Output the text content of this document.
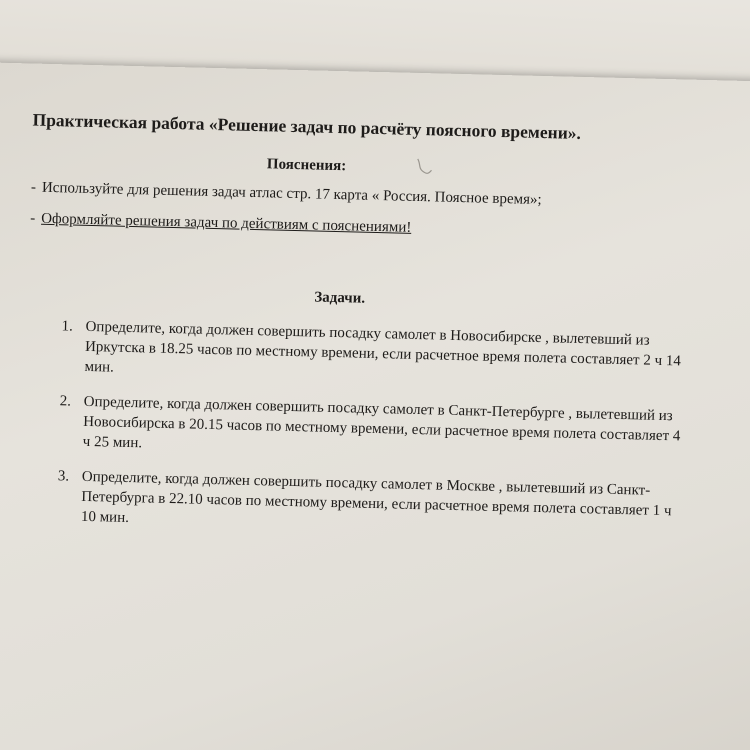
Практическая работа «Решение задач по расчёту поясного времени».
Пояснения:
- Используйте для решения задач атлас стр. 17 карта « Россия. Поясное время»;
- Оформляйте решения задач по действиям с пояснениями!
Задачи.
1. Определите, когда должен совершить посадку самолет в Новосибирске , вылетевший из Иркутска в 18.25 часов по местному времени, если расчетное время полета составляет 2 ч 14 мин.
2. Определите, когда должен совершить посадку самолет в Санкт-Петербурге , вылетевший из Новосибирска в 20.15 часов по местному времени, если расчетное время полета составляет 4 ч 25 мин.
3. Определите, когда должен совершить посадку самолет в Москве , вылетевший из Санкт-Петербурга в 22.10 часов по местному времени, если расчетное время полета составляет 1 ч 10 мин.
